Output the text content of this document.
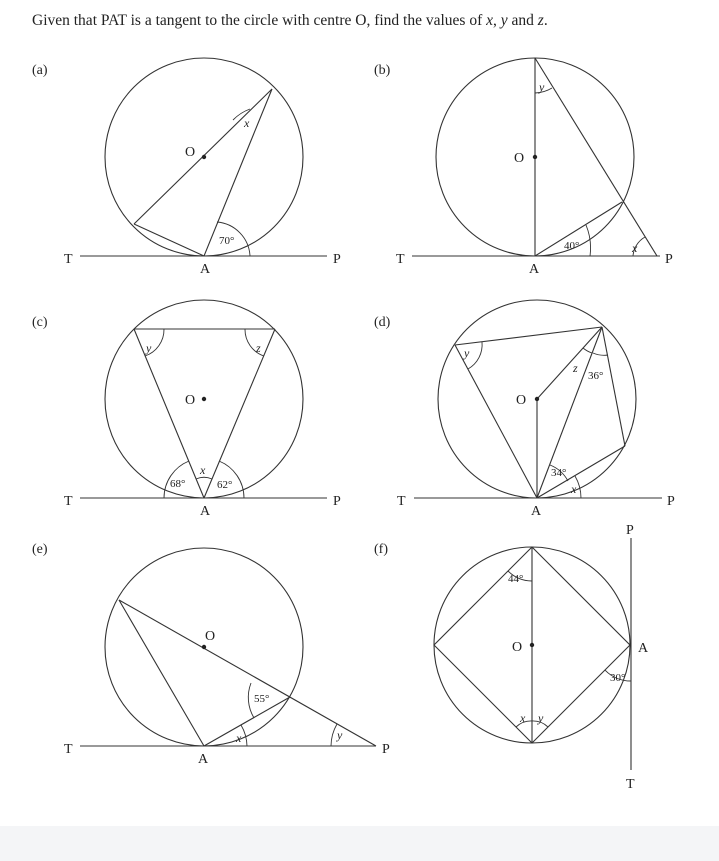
Given that PAT is a tangent to the circle with centre O, find the values of x, y and z.
(a)
x
70°
O
T
A
P
(b)
y
40°	x
O
T
A
P
(c)
y	z
x
68°	62°
O
T
A
P
(d)
y
z
36°
34°
x
O
T
A
P
(e)
55°
x	y
O
T
A
P
(f)
44°
x y
30°
O
P
A
T
